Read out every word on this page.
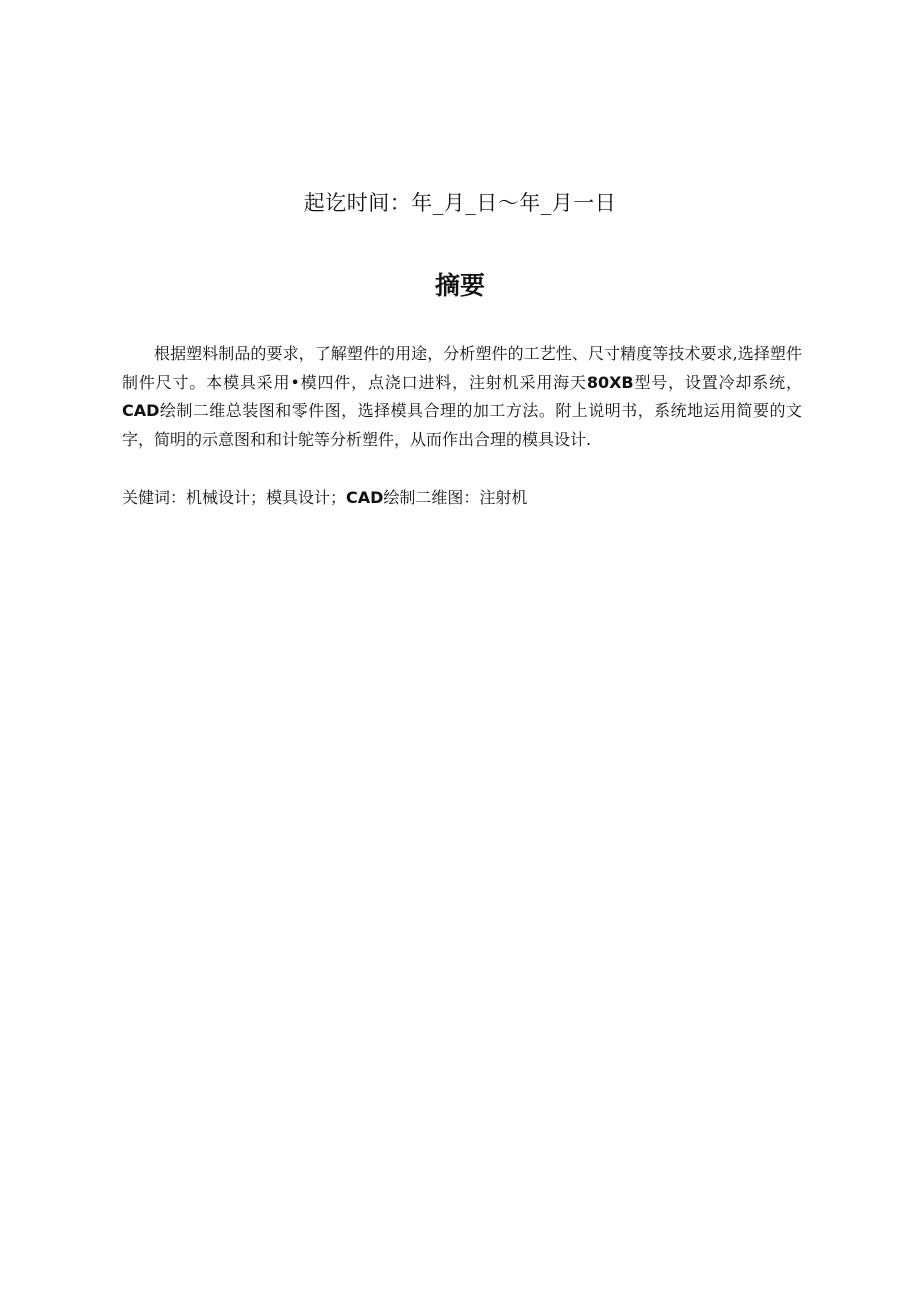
起讫时间：年_月_日～年_月一日
摘要

根据塑料制品的要求，了解塑件的用途，分析塑件的工艺性、尺寸精度等技术要求,选择塑件制件尺寸。本模具采用•模四件，点浇口进料，注射机采用海天80XB型号，设置冷却系统，CAD绘制二维总装图和零件图，选择模具合理的加工方法。附上说明书，系统地运用简要的文字，简明的示意图和和计鸵等分析塑件，从而作出合理的模具设计.

关健词：机械设计；模具设计；CAD绘制二维图：注射机
